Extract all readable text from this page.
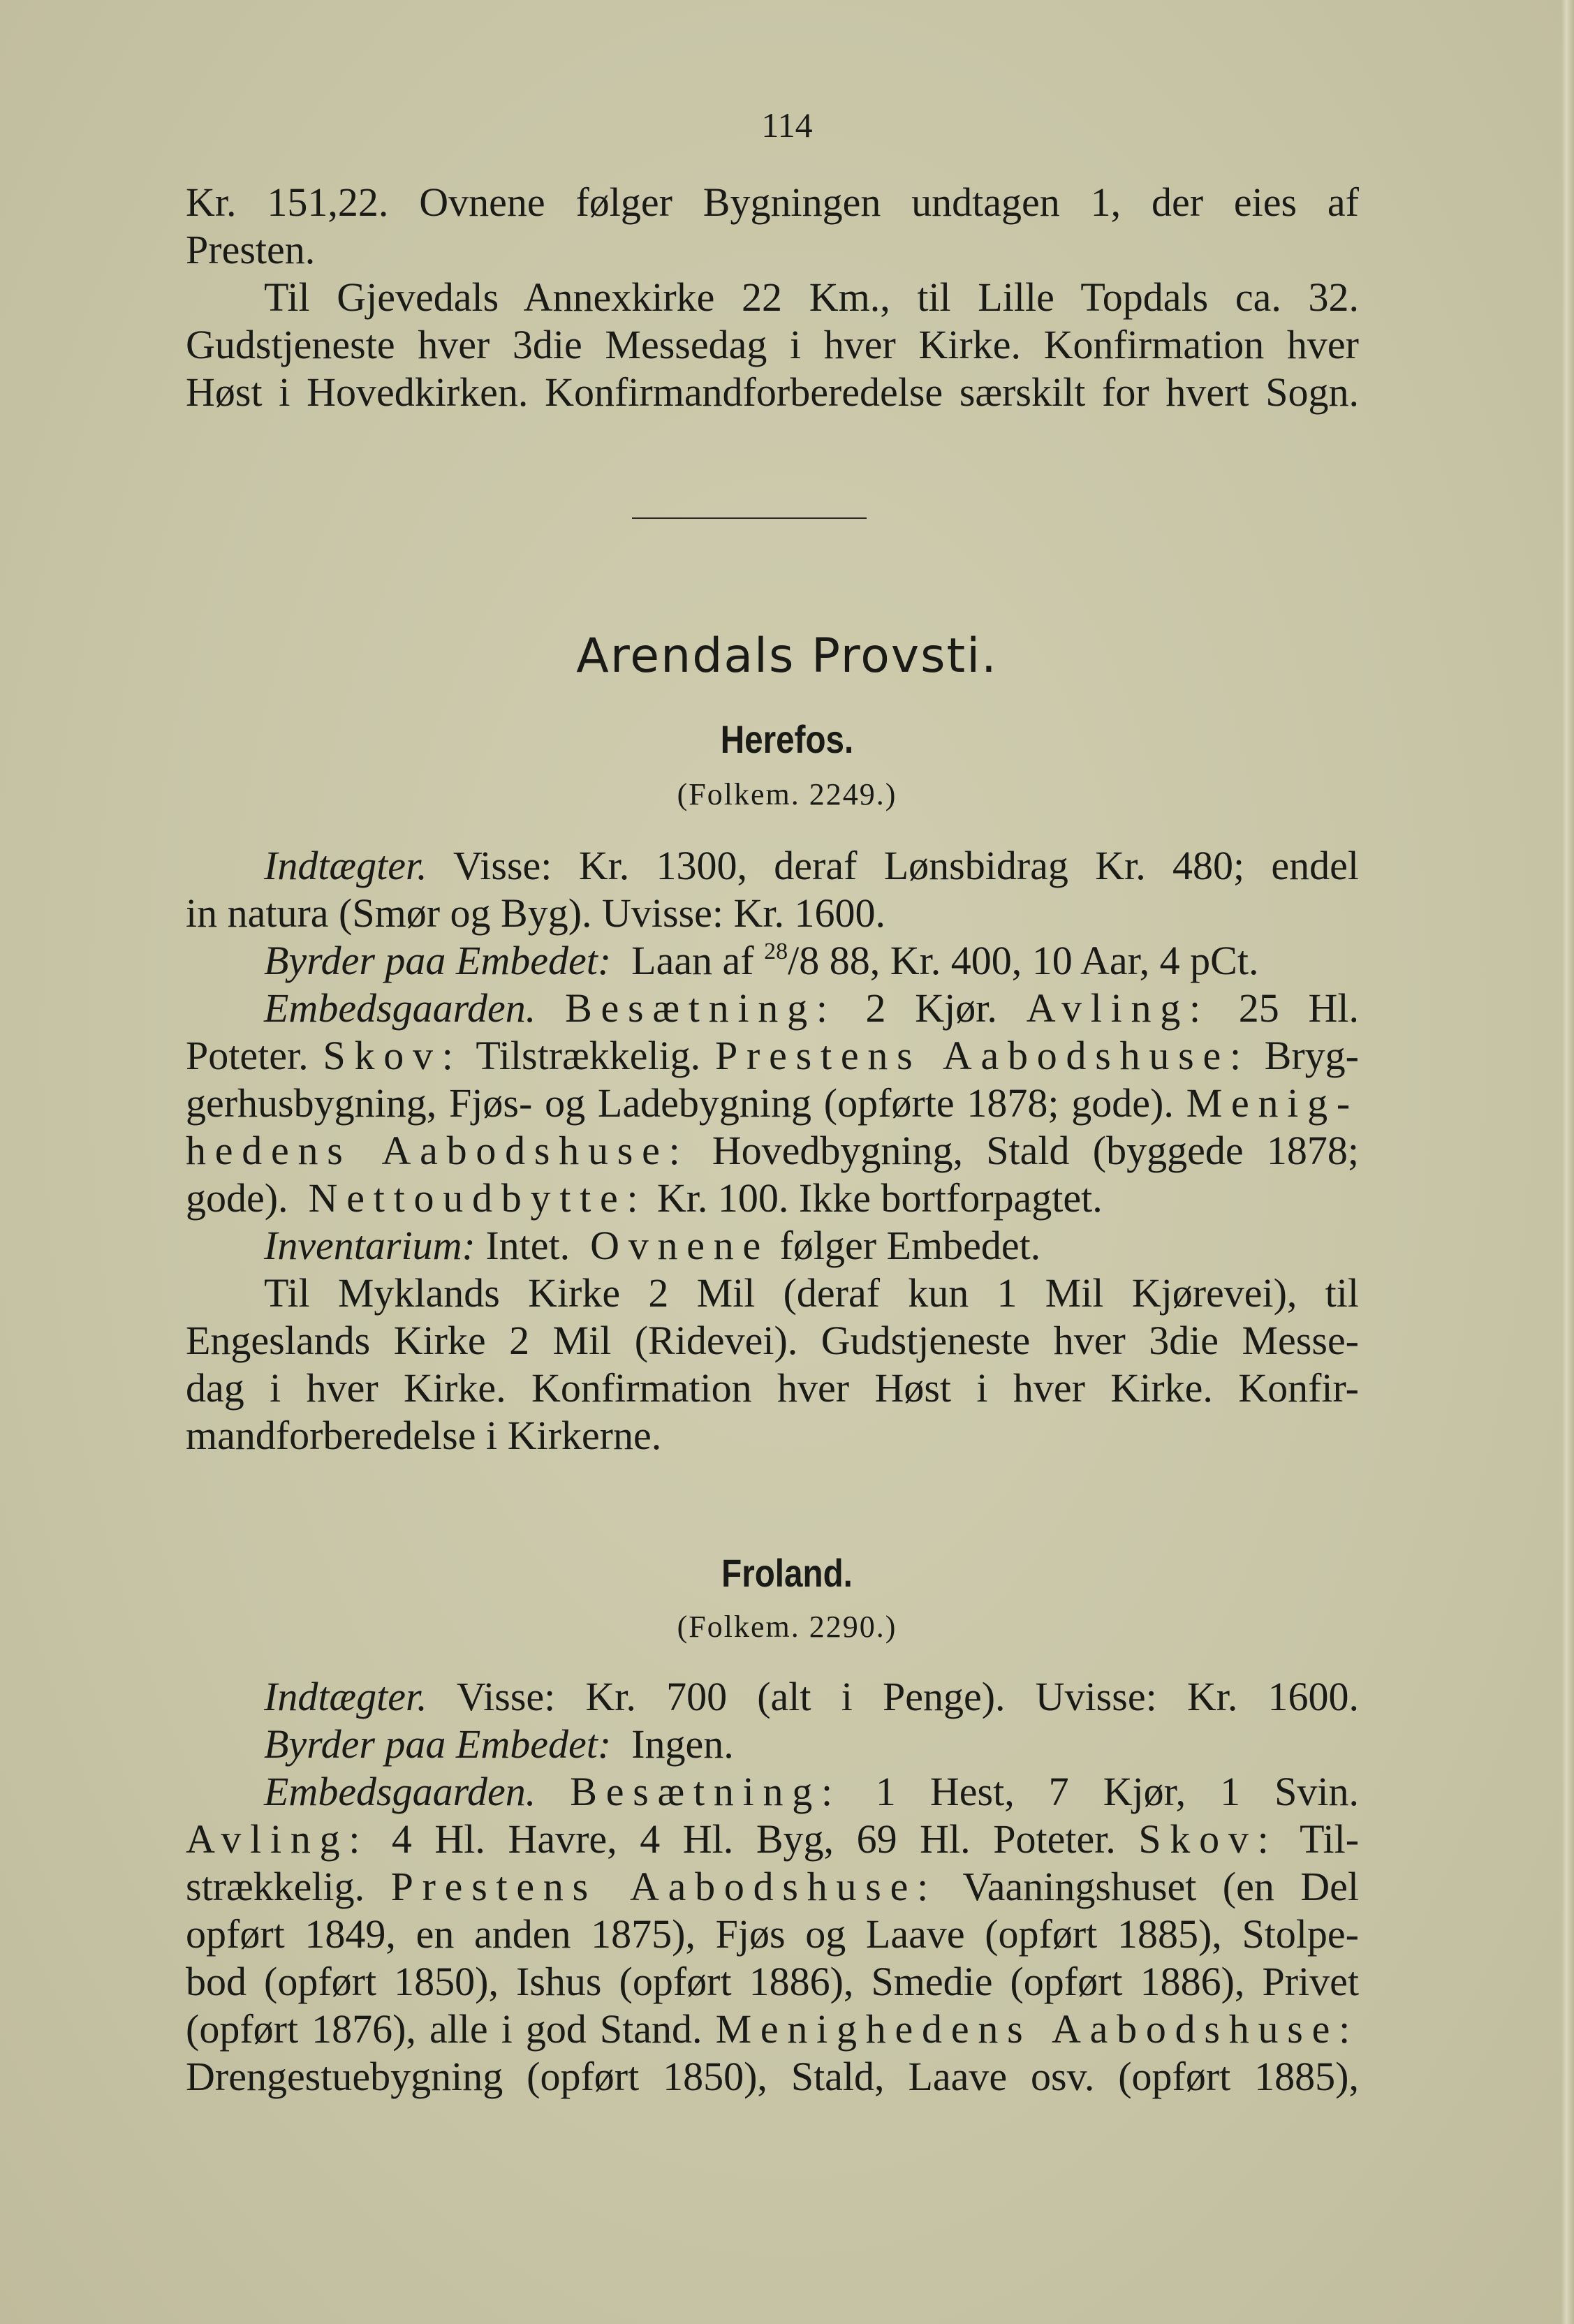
114
Kr. 151,22. Ovnene følger Bygningen undtagen 1, der eies af
Presten.
Til Gjevedals Annexkirke 22 Km., til Lille Topdals ca. 32.
Gudstjeneste hver 3die Messedag i hver Kirke. Konfirmation hver
Høst i Hovedkirken. Konfirmandforberedelse særskilt for hvert Sogn.
Arendals Provsti.
Herefos.
(Folkem. 2249.)
Indtægter. Visse: Kr. 1300, deraf Lønsbidrag Kr. 480; endel
in natura (Smør og Byg). Uvisse: Kr. 1600.
Byrder paa Embedet: Laan af $^{28}$/8 88, Kr. 400, 10 Aar, 4 pCt.
Embedsgaarden. Besætning: 2 Kjør. Avling: 25 Hl.
Poteter. Skov: Tilstrækkelig. Prestens Aabodshuse: Bryg-
gerhusbygning, Fjøs- og Ladebygning (opførte 1878; gode). Menig-
hedens Aabodshuse: Hovedbygning, Stald (byggede 1878;
gode). Nettoudbytte: Kr. 100. Ikke bortforpagtet.
Inventarium: Intet. Ovnene følger Embedet.
Til Myklands Kirke 2 Mil (deraf kun 1 Mil Kjørevei), til
Engeslands Kirke 2 Mil (Ridevei). Gudstjeneste hver 3die Messe-
dag i hver Kirke. Konfirmation hver Høst i hver Kirke. Konfir-
mandforberedelse i Kirkerne.
Froland.
(Folkem. 2290.)
Indtægter. Visse: Kr. 700 (alt i Penge). Uvisse: Kr. 1600.
Byrder paa Embedet: Ingen.
Embedsgaarden. Besætning: 1 Hest, 7 Kjør, 1 Svin.
Avling: 4 Hl. Havre, 4 Hl. Byg, 69 Hl. Poteter. Skov: Til-
strækkelig. Prestens Aabodshuse: Vaaningshuset (en Del
opført 1849, en anden 1875), Fjøs og Laave (opført 1885), Stolpe-
bod (opført 1850), Ishus (opført 1886), Smedie (opført 1886), Privet
(opført 1876), alle i god Stand. Menighedens Aabodshuse:
Drengestuebygning (opført 1850), Stald, Laave osv. (opført 1885),
